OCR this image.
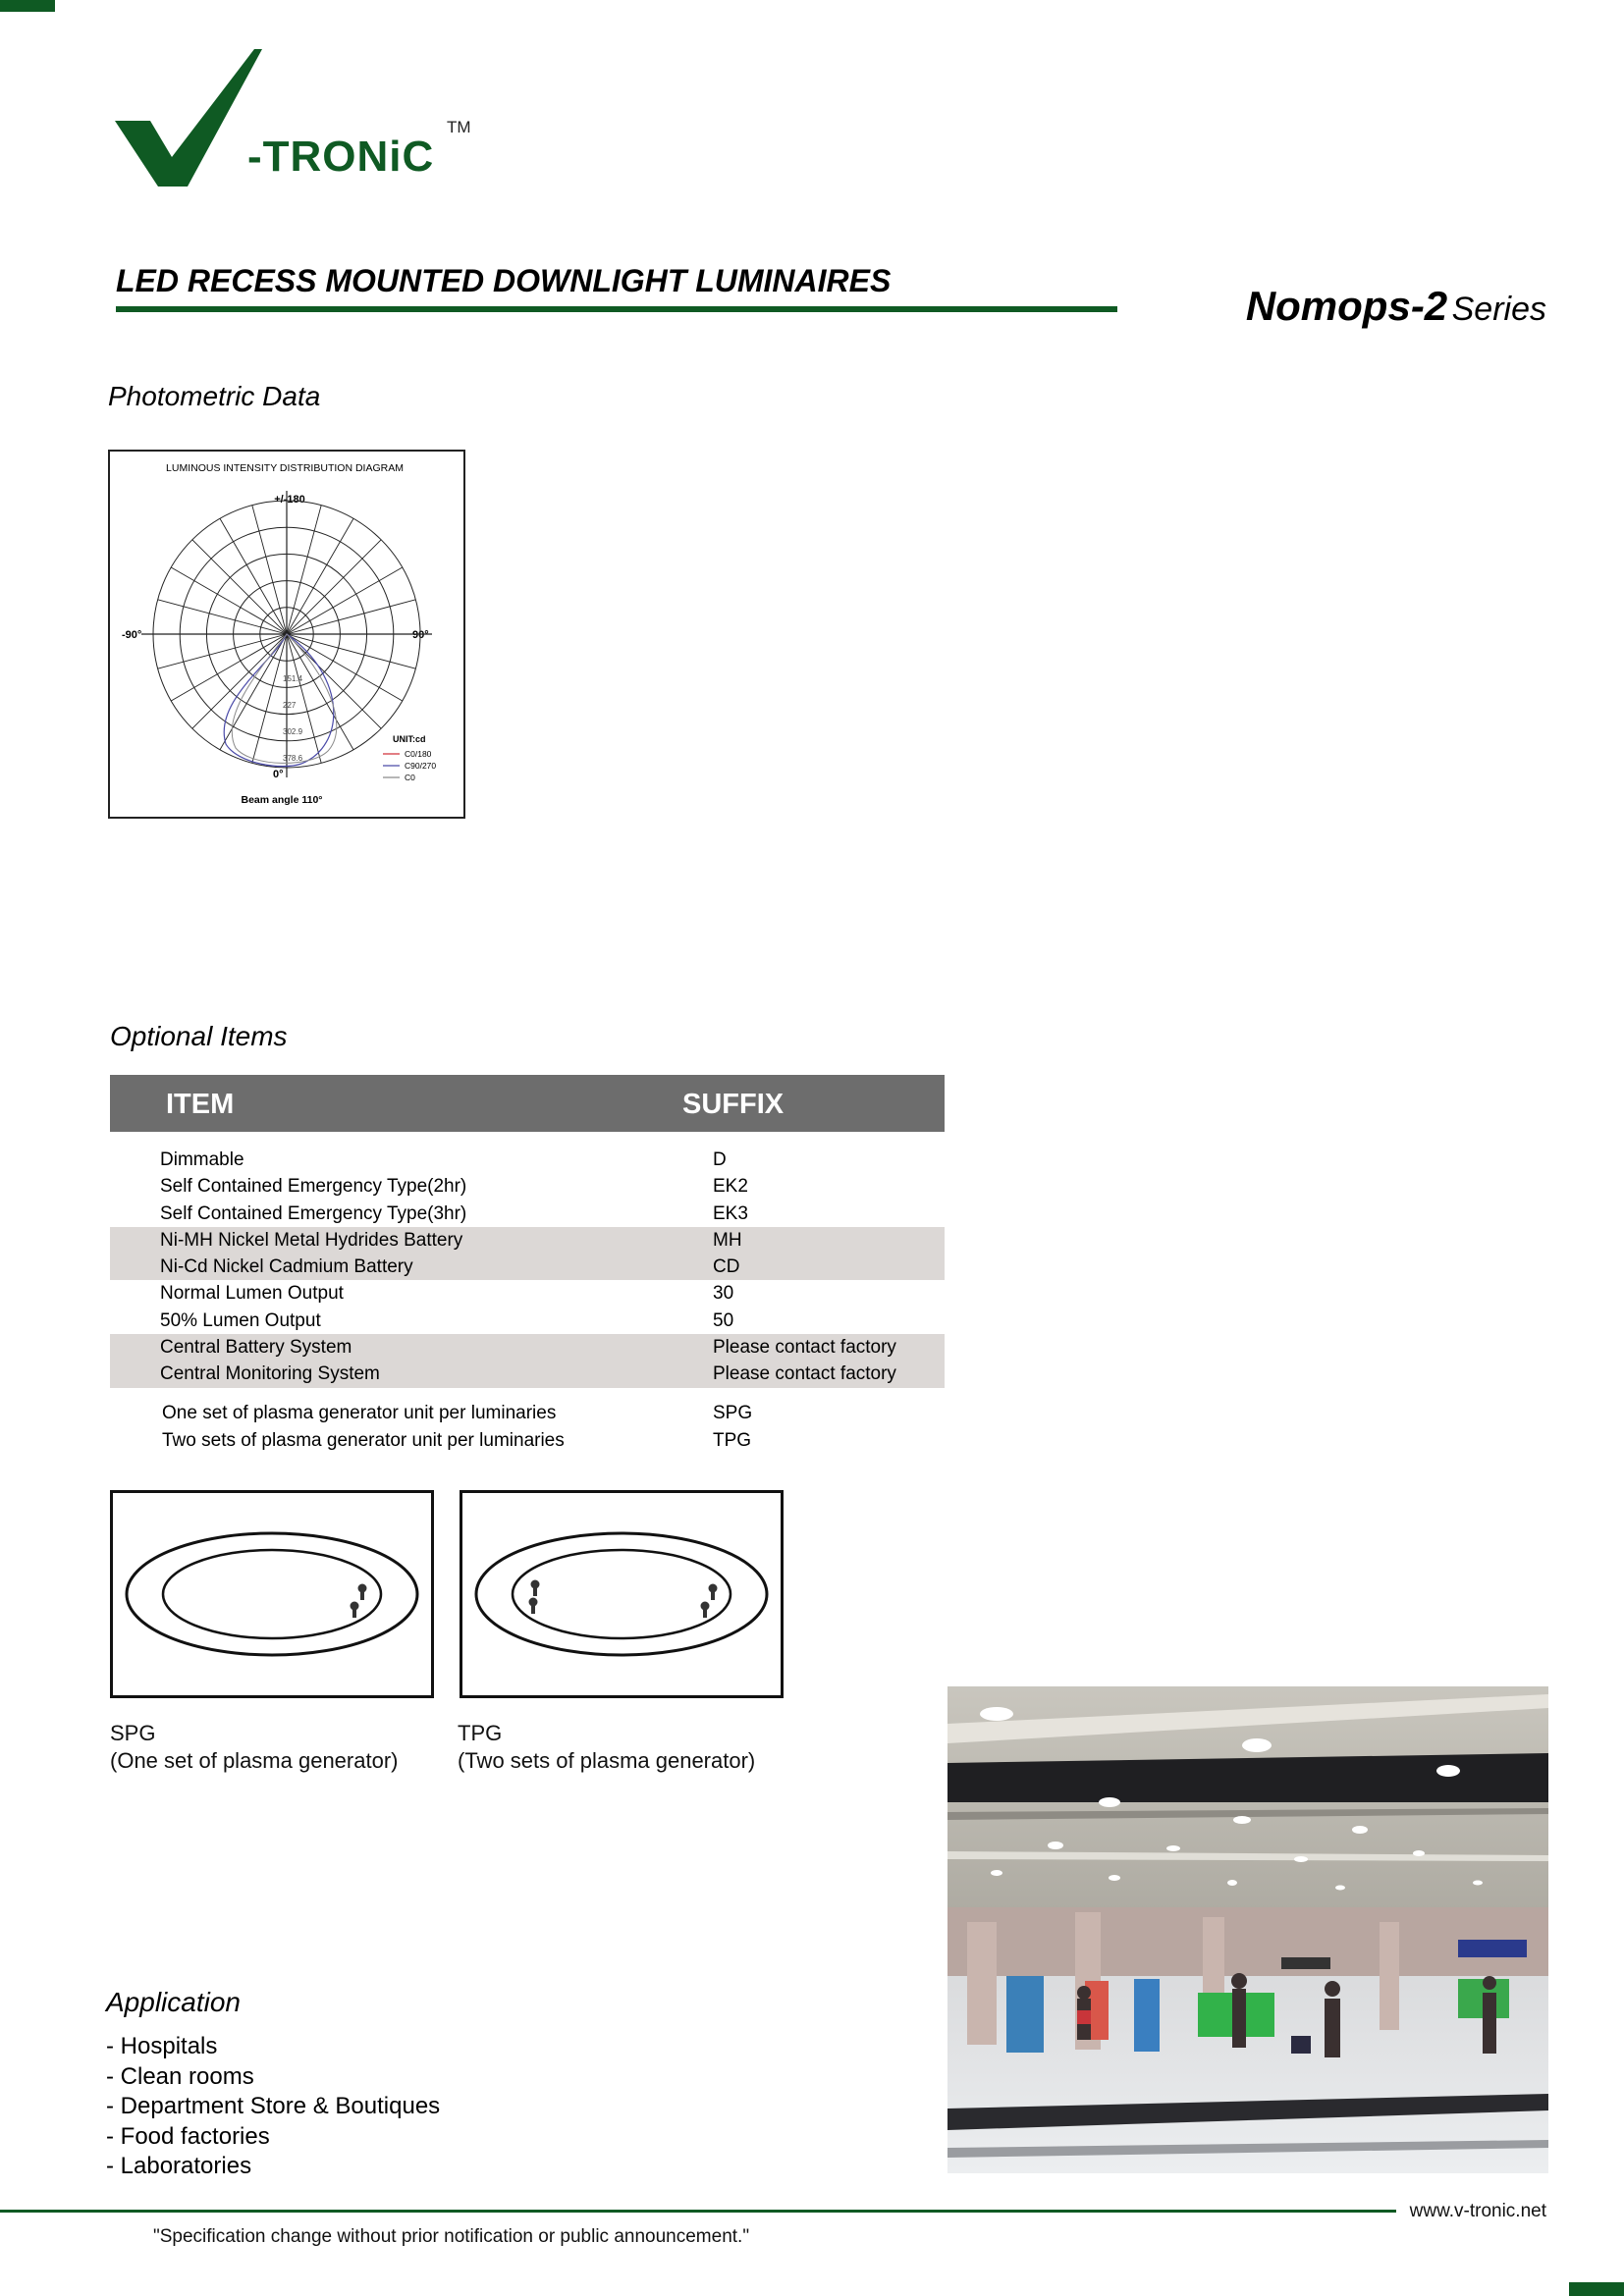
-TRONiC
TM
LED RECESS MOUNTED DOWNLIGHT LUMINAIRES
Nomops-2 Series
Photometric Data
LUMINOUS INTENSITY DISTRIBUTION DIAGRAM
+/-180
-90°	90°
0°
151.4
227
302.9
378.6
UNIT:cd
C0/180
C90/270
C0
Beam angle 110°
Optional Items
ITEM	SUFFIX
Dimmable	D
Self Contained Emergency Type(2hr)	EK2
Self Contained Emergency Type(3hr)	EK3
Ni-MH Nickel Metal Hydrides Battery	MH
Ni-Cd Nickel Cadmium Battery	CD
Normal Lumen Output	30
50% Lumen Output	50
Central Battery System	Please contact factory
Central Monitoring System	Please contact factory
One set of plasma generator unit per luminaries	SPG
Two sets of plasma generator unit per luminaries	TPG
SPG
(One set of plasma generator)
TPG
(Two sets of plasma generator)
Application
- Hospitals
- Clean rooms
- Department Store & Boutiques
- Food factories
- Laboratories
www.v-tronic.net
"Specification change without prior notification or public announcement."
